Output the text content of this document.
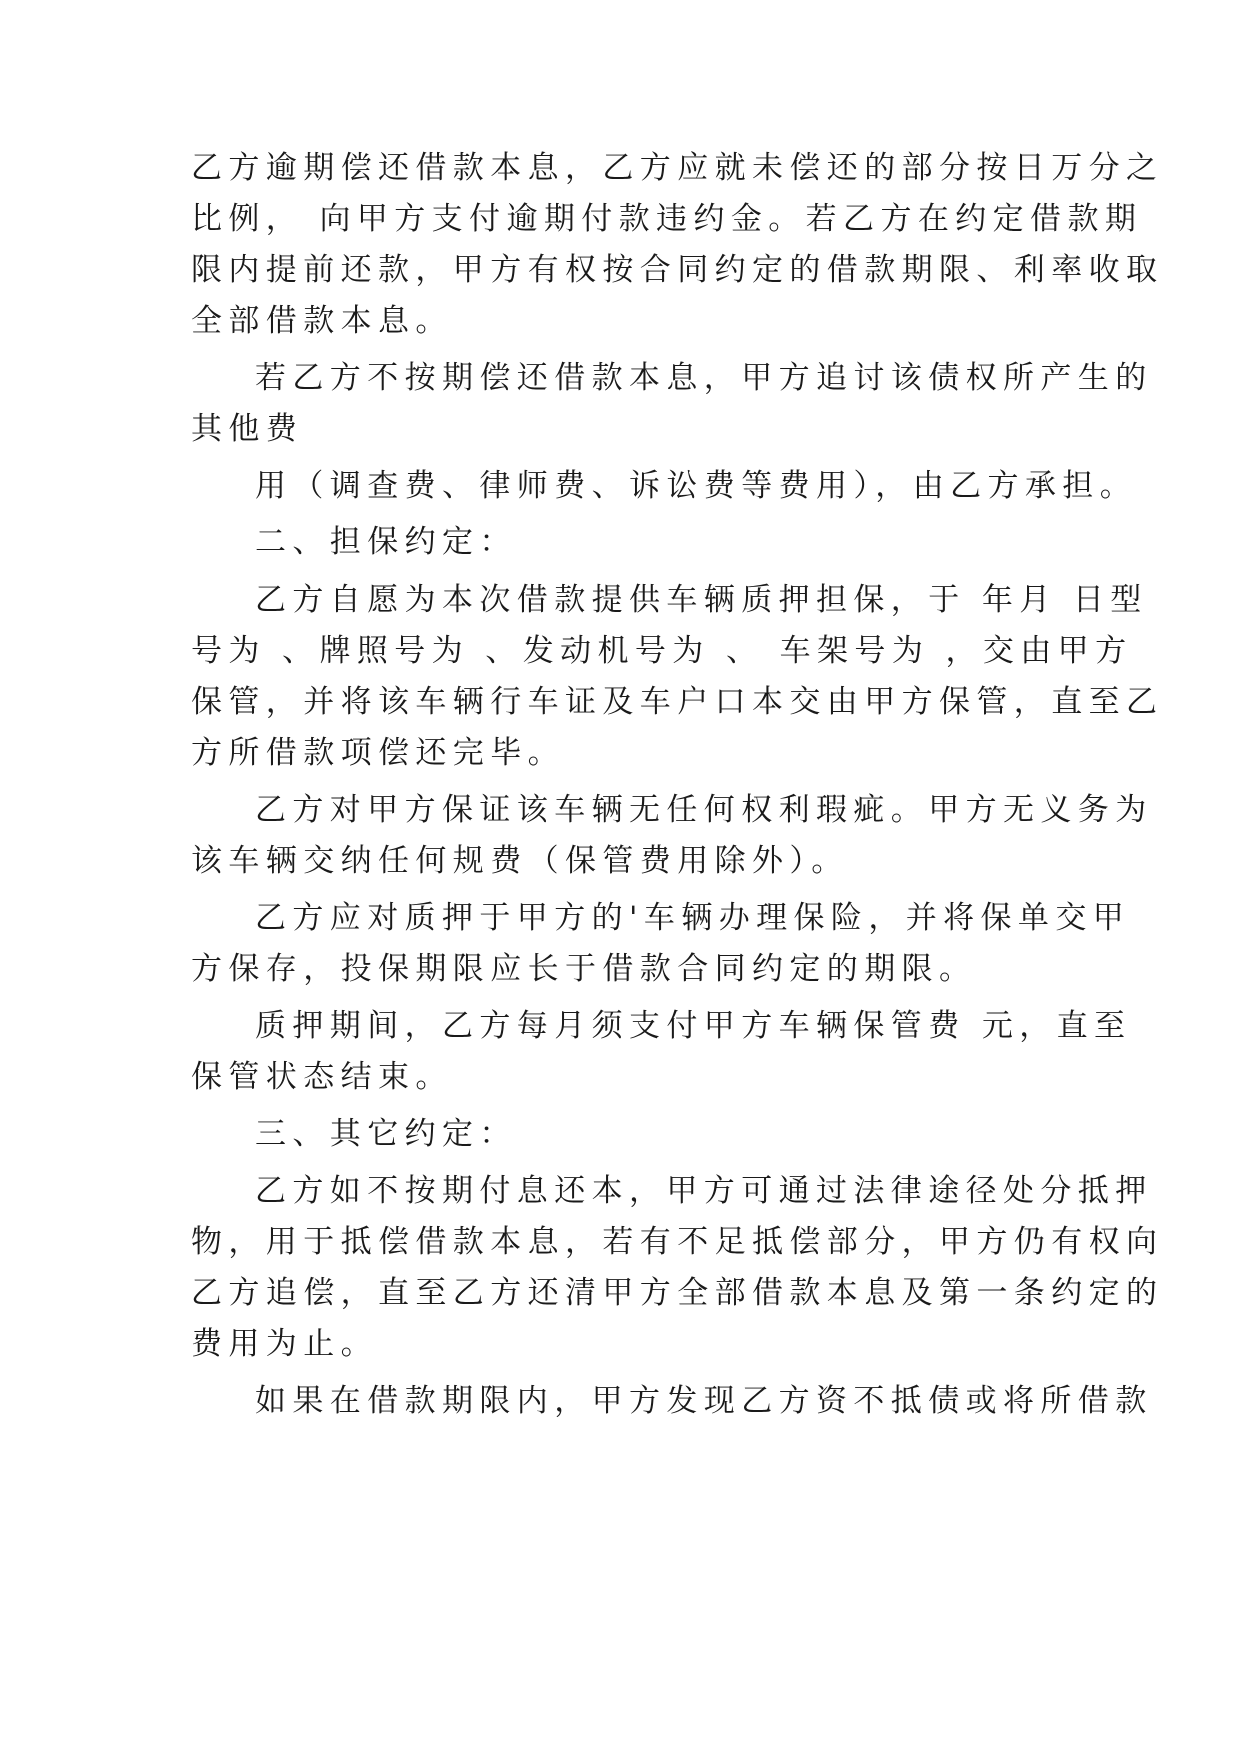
乙方逾期偿还借款本息，乙方应就未偿还的部分按日万分之
比例， 向甲方支付逾期付款违约金。若乙方在约定借款期
限内提前还款，甲方有权按合同约定的借款期限、利率收取
全部借款本息。
若乙方不按期偿还借款本息，甲方追讨该债权所产生的
其他费
用（调查费、律师费、诉讼费等费用），由乙方承担。
二、担保约定：
乙方自愿为本次借款提供车辆质押担保，于 年月 日型
号为 、牌照号为 、发动机号为 、 车架号为 ，交由甲方
保管，并将该车辆行车证及车户口本交由甲方保管，直至乙
方所借款项偿还完毕。
乙方对甲方保证该车辆无任何权利瑕疵。甲方无义务为
该车辆交纳任何规费（保管费用除外）。
乙方应对质押于甲方的'车辆办理保险，并将保单交甲
方保存，投保期限应长于借款合同约定的期限。
质押期间，乙方每月须支付甲方车辆保管费 元，直至
保管状态结束。
三、其它约定：
乙方如不按期付息还本，甲方可通过法律途径处分抵押
物，用于抵偿借款本息，若有不足抵偿部分，甲方仍有权向
乙方追偿，直至乙方还清甲方全部借款本息及第一条约定的
费用为止。
如果在借款期限内，甲方发现乙方资不抵债或将所借款
